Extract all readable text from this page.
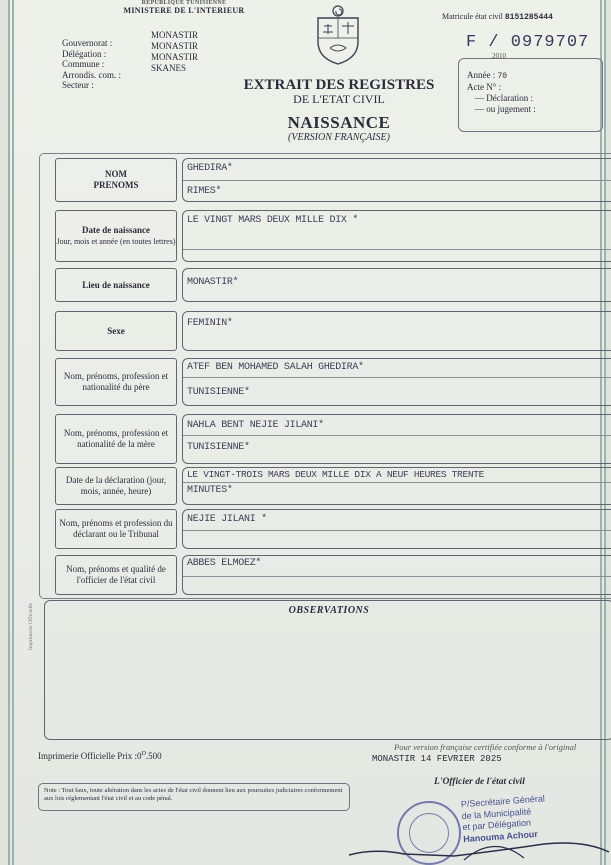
REPUBLIQUE TUNISIENNE
MINISTERE DE L'INTERIEUR
Matricule état civil 8151285444
Gouvernorat :
Délégation :
Commune :
Arrondis. com. :
Secteur :
MONASTIR
MONASTIR
MONASTIR
SKANES
F / 0979707
2010
Année : 70
Acte N° :
— Déclaration :
— ou jugement :
EXTRAIT DES REGISTRES
DE L'ETAT CIVIL
NAISSANCE
(VERSION FRANÇAISE)
NOM
PRENOMS
GHEDIRA*
RIMES*
Date de naissance
Jour, mois et année (en toutes lettres)
LE VINGT MARS DEUX MILLE DIX *
Lieu de naissance	MONASTIR*
Sexe
FEMININ*
Nom, prénoms, profession et nationalité du père
ATEF BEN MOHAMED SALAH GHEDIRA*
TUNISIENNE*
Nom, prénoms, profession et nationalité de la mère
NAHLA BENT NEJIE JILANI*
TUNISIENNE*
Date de la déclaration (jour, mois, année, heure)
LE VINGT-TROIS MARS DEUX MILLE DIX A NEUF HEURES TRENTE
MINUTES*
Nom, prénoms et profession du déclarant ou le Tribunal
NEJIE JILANI *
Nom, prénoms et qualité de l'officier de l'état civil
ABBES ELMOEZ*
OBSERVATIONS
Imprimerie Officielle
Imprimerie Officielle Prix $:0^D.500$
Pour version française certifiée conforme à l'original
MONASTIR 14 FEVRIER 2025
Note : Tout faux, toute altération dans les actes de l'état civil donnent lieu aux poursuites judiciaires conformement aux lois réglementant l'état civil et au code pénal.
L'Officier de l'état civil
P/Secrétaire Général
de la Municipalité
et par Délégation
Hanouma Achour
